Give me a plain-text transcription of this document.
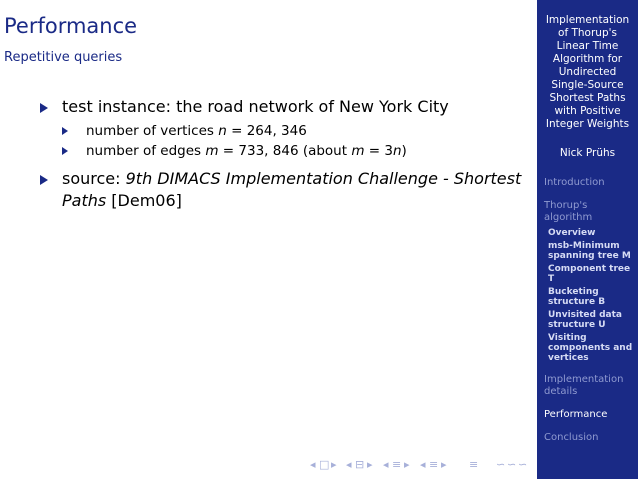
Performance
Repetitive queries
test instance: the road network of New York City
number of vertices n = 264, 346
number of edges m = 733, 846 (about m = 3n)
source: 9th DIMACS Implementation Challenge - Shortest Paths [Dem06]
◂ □ ▸ ◂ ⊟ ▸ ◂ ≡ ▸ ◂ ≡ ▸ ≡ ∽ ∽ ∽
Implementation of Thorup's Linear Time Algorithm for Undirected Single-Source Shortest Paths with Positive Integer Weights
Nick Prühs
Introduction
Thorup's algorithm
Overview
msb-Minimum spanning tree M
Component tree T
Bucketing structure B
Unvisited data structure U
Visiting components and vertices
Implementation details
Performance
Conclusion
